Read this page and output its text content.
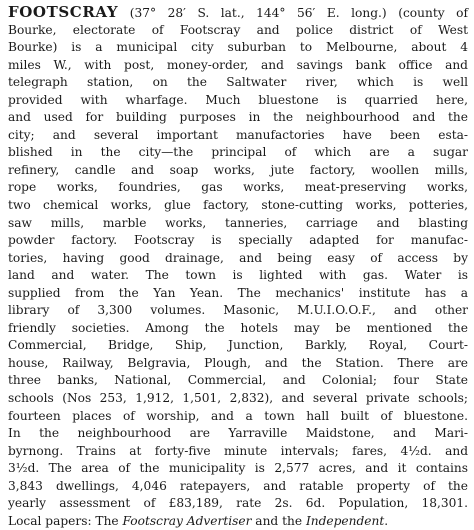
FOOTSCRAY (37° 28′ S. lat., 144° 56′ E. long.) (county of
Bourke, electorate of Footscray and police district of West
Bourke) is a municipal city suburban to Melbourne, about 4
miles W., with post, money-order, and savings bank office and
telegraph station, on the Saltwater river, which is well
provided with wharfage. Much bluestone is quarried here,
and used for building purposes in the neighbourhood and the
city; and several important manufactories have been esta-
blished in the city—the principal of which are a sugar
refinery, candle and soap works, jute factory, woollen mills,
rope works, foundries, gas works, meat-preserving works,
two chemical works, glue factory, stone-cutting works, potteries,
saw mills, marble works, tanneries, carriage and blasting
powder factory. Footscray is specially adapted for manufac-
tories, having good drainage, and being easy of access by
land and water. The town is lighted with gas. Water is
supplied from the Yan Yean. The mechanics' institute has a
library of 3,300 volumes. Masonic, M.U.I.O.O.F., and other
friendly societies. Among the hotels may be mentioned the
Commercial, Bridge, Ship, Junction, Barkly, Royal, Court-
house, Railway, Belgravia, Plough, and the Station. There are
three banks, National, Commercial, and Colonial; four State
schools (Nos 253, 1,912, 1,501, 2,832), and several private schools;
fourteen places of worship, and a town hall built of bluestone.
In the neighbourhood are Yarraville Maidstone, and Mari-
byrnong. Trains at forty-five minute intervals; fares, 4½d. and
3½d. The area of the municipality is 2,577 acres, and it contains
3,843 dwellings, 4,046 ratepayers, and ratable property of the
yearly assessment of £83,189, rate 2s. 6d. Population, 18,301.
Local papers: The Footscray Advertiser and the Independent.
